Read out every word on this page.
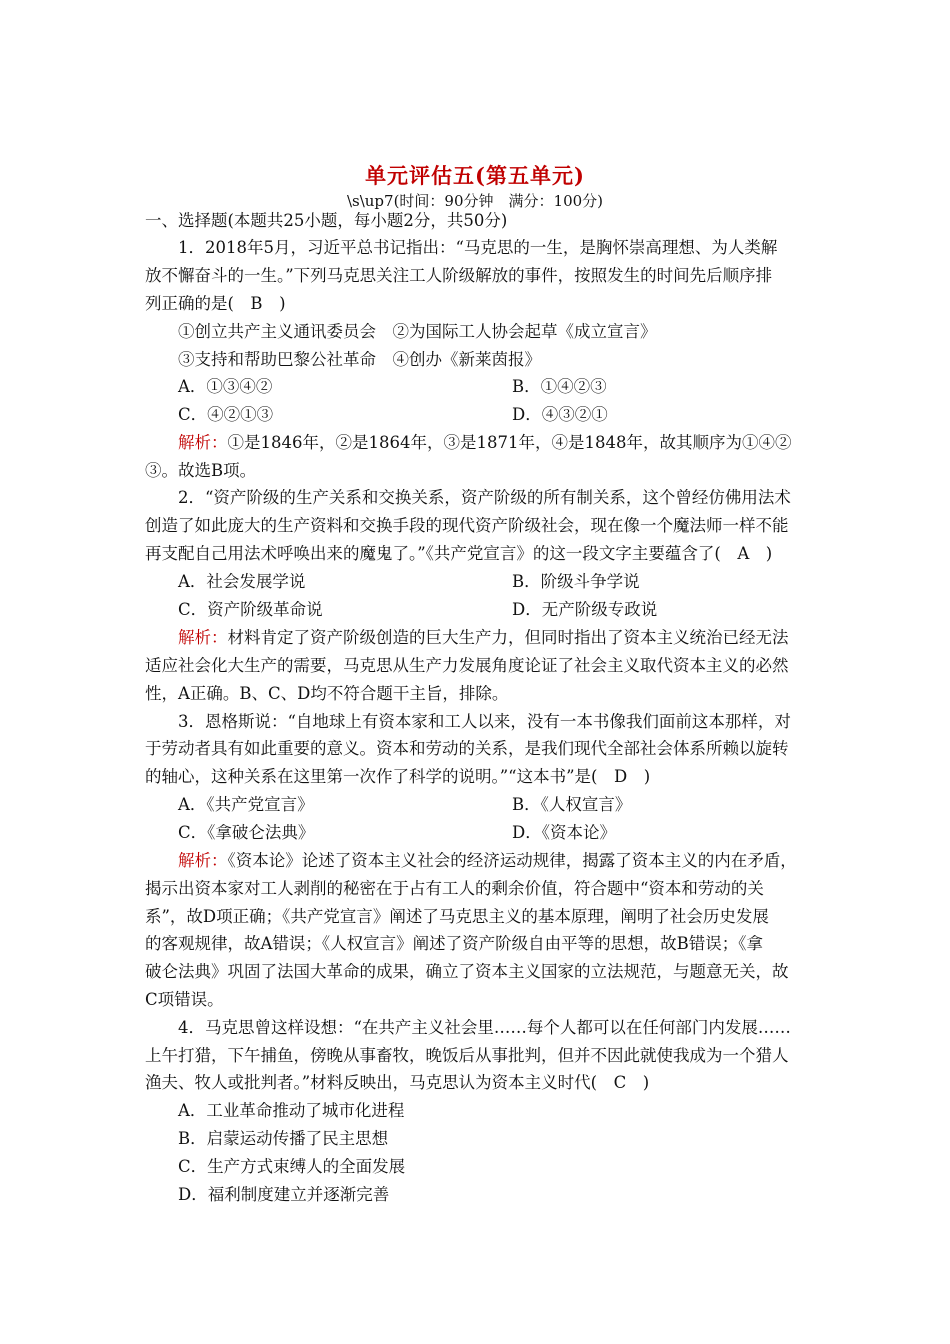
单元评估五(第五单元)
\s\up7(时间：90分钟　满分：100分)
一、选择题(本题共25小题，每小题2分，共50分)
1．2018年5月，习近平总书记指出：“马克思的一生，是胸怀崇高理想、为人类解
放不懈奋斗的一生。”下列马克思关注工人阶级解放的事件，按照发生的时间先后顺序排
列正确的是(　B　)
①创立共产主义通讯委员会　②为国际工人协会起草《成立宣言》
③支持和帮助巴黎公社革命　④创办《新莱茵报》
A．①③④②	B．①④②③
C．④②①③	D．④③②①
解析：①是1846年，②是1864年，③是1871年，④是1848年，故其顺序为①④②
③。故选B项。
2．“资产阶级的生产关系和交换关系，资产阶级的所有制关系，这个曾经仿佛用法术
创造了如此庞大的生产资料和交换手段的现代资产阶级社会，现在像一个魔法师一样不能
再支配自己用法术呼唤出来的魔鬼了。”《共产党宣言》的这一段文字主要蕴含了(　A　)
A．社会发展学说	B．阶级斗争学说
C．资产阶级革命说	D．无产阶级专政说
解析：材料肯定了资产阶级创造的巨大生产力，但同时指出了资本主义统治已经无法
适应社会化大生产的需要，马克思从生产力发展角度论证了社会主义取代资本主义的必然
性，A正确。B、C、D均不符合题干主旨，排除。
3．恩格斯说：“自地球上有资本家和工人以来，没有一本书像我们面前这本那样，对
于劳动者具有如此重要的意义。资本和劳动的关系，是我们现代全部社会体系所赖以旋转
的轴心，这种关系在这里第一次作了科学的说明。”“这本书”是(　D　)
A．《共产党宣言》	B．《人权宣言》
C．《拿破仑法典》	D．《资本论》
解析：《资本论》论述了资本主义社会的经济运动规律，揭露了资本主义的内在矛盾，
揭示出资本家对工人剥削的秘密在于占有工人的剩余价值，符合题中“资本和劳动的关
系”，故D项正确；《共产党宣言》阐述了马克思主义的基本原理，阐明了社会历史发展
的客观规律，故A错误；《人权宣言》阐述了资产阶级自由平等的思想，故B错误；《拿
破仑法典》巩固了法国大革命的成果，确立了资本主义国家的立法规范，与题意无关，故
C项错误。
4．马克思曾这样设想：“在共产主义社会里……每个人都可以在任何部门内发展……
上午打猎，下午捕鱼，傍晚从事畜牧，晚饭后从事批判，但并不因此就使我成为一个猎人
渔夫、牧人或批判者。”材料反映出，马克思认为资本主义时代(　C　)
A．工业革命推动了城市化进程
B．启蒙运动传播了民主思想
C．生产方式束缚人的全面发展
D．福利制度建立并逐渐完善
